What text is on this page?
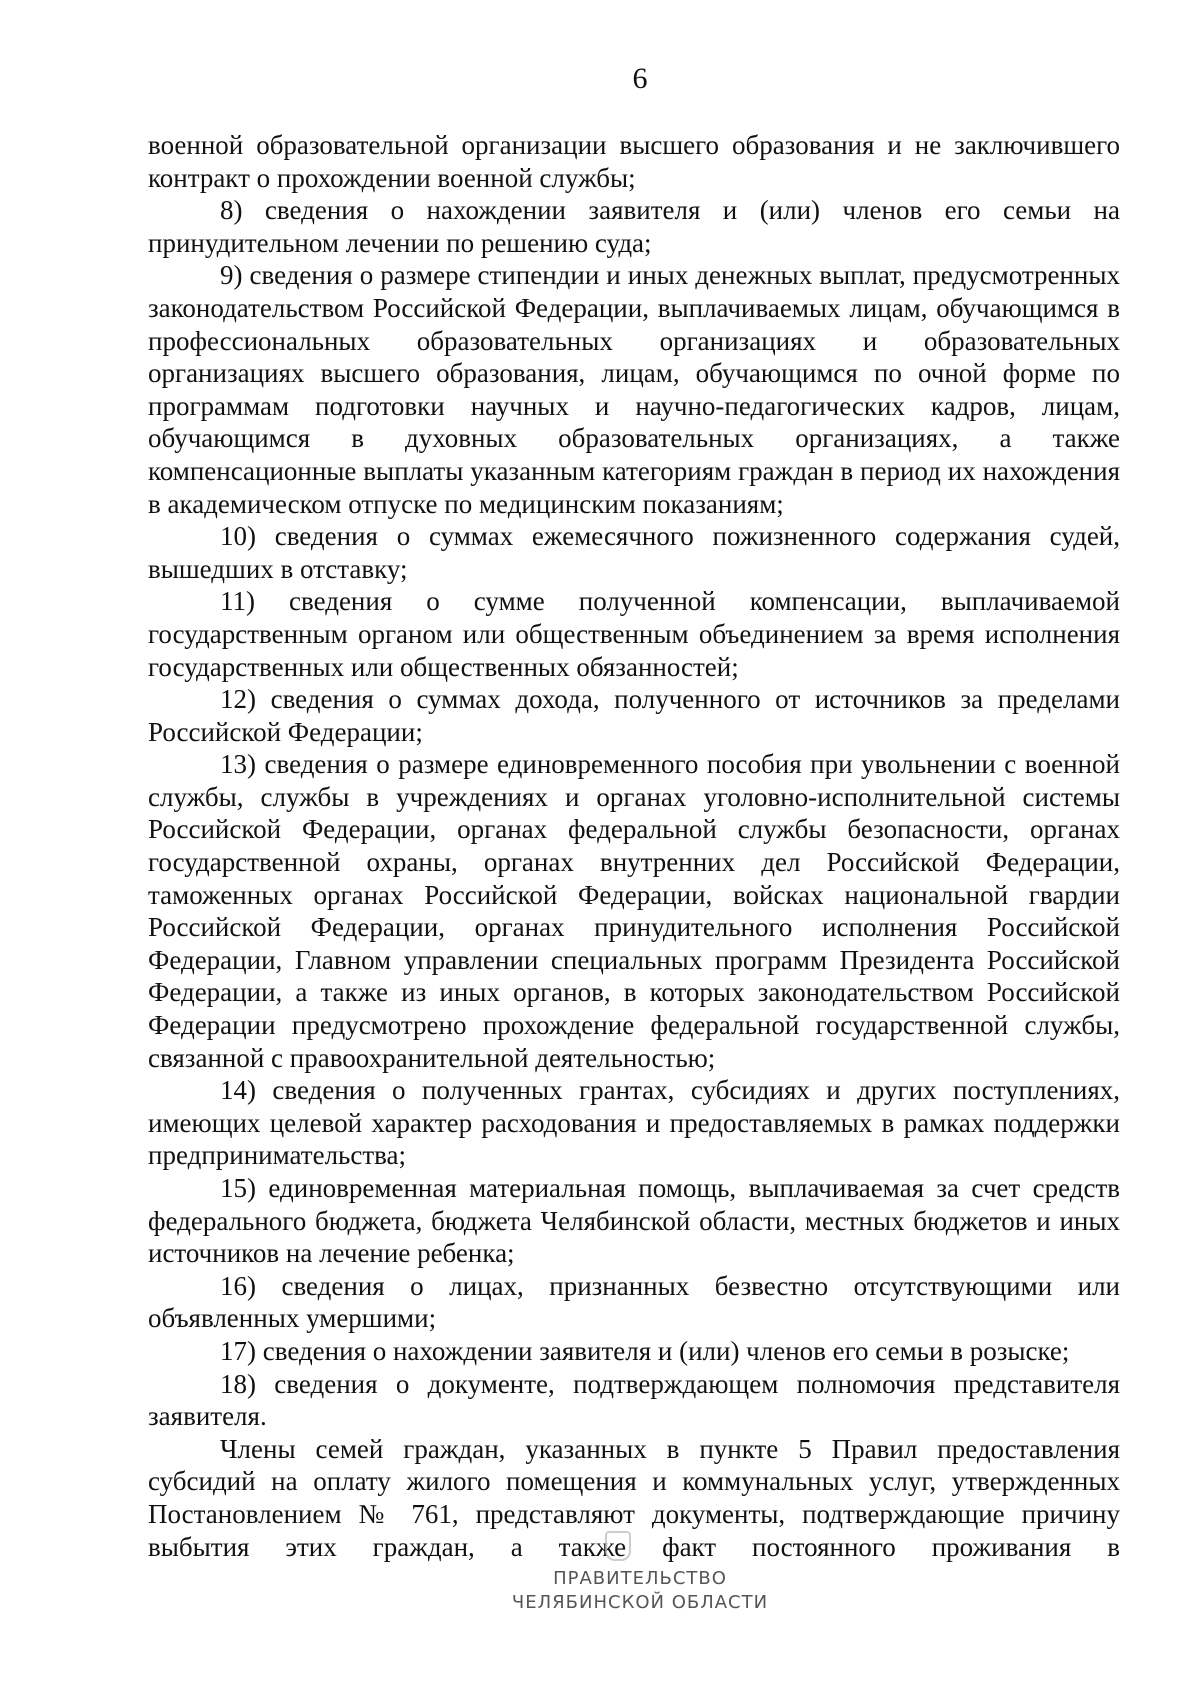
6

военной образовательной организации высшего образования и не заключившего контракт о прохождении военной службы;

8) сведения о нахождении заявителя и (или) членов его семьи на принудительном лечении по решению суда;

9) сведения о размере стипендии и иных денежных выплат, предусмотренных законодательством Российской Федерации, выплачиваемых лицам, обучающимся в профессиональных образовательных организациях и образовательных организациях высшего образования, лицам, обучающимся по очной форме по программам подготовки научных и научно-педагогических кадров, лицам, обучающимся в духовных образовательных организациях, а также компенсационные выплаты указанным категориям граждан в период их нахождения в академическом отпуске по медицинским показаниям;

10) сведения о суммах ежемесячного пожизненного содержания судей, вышедших в отставку;

11) сведения о сумме полученной компенсации, выплачиваемой государственным органом или общественным объединением за время исполнения государственных или общественных обязанностей;

12) сведения о суммах дохода, полученного от источников за пределами Российской Федерации;

13) сведения о размере единовременного пособия при увольнении с военной службы, службы в учреждениях и органах уголовно-исполнительной системы Российской Федерации, органах федеральной службы безопасности, органах государственной охраны, органах внутренних дел Российской Федерации, таможенных органах Российской Федерации, войсках национальной гвардии Российской Федерации, органах принудительного исполнения Российской Федерации, Главном управлении специальных программ Президента Российской Федерации, а также из иных органов, в которых законодательством Российской Федерации предусмотрено прохождение федеральной государственной службы, связанной с правоохранительной деятельностью;

14) сведения о полученных грантах, субсидиях и других поступлениях, имеющих целевой характер расходования и предоставляемых в рамках поддержки предпринимательства;

15) единовременная материальная помощь, выплачиваемая за счет средств федерального бюджета, бюджета Челябинской области, местных бюджетов и иных источников на лечение ребенка;

16) сведения о лицах, признанных безвестно отсутствующими или объявленных умершими;

17) сведения о нахождении заявителя и (или) членов его семьи в розыске;

18) сведения о документе, подтверждающем полномочия представителя заявителя.

Члены семей граждан, указанных в пункте 5 Правил предоставления субсидий на оплату жилого помещения и коммунальных услуг, утвержденных Постановлением № 761, представляют документы, подтверждающие причину выбытия этих граждан, а также факт постоянного проживания в

ПРАВИТЕЛЬСТВО
ЧЕЛЯБИНСКОЙ ОБЛАСТИ
